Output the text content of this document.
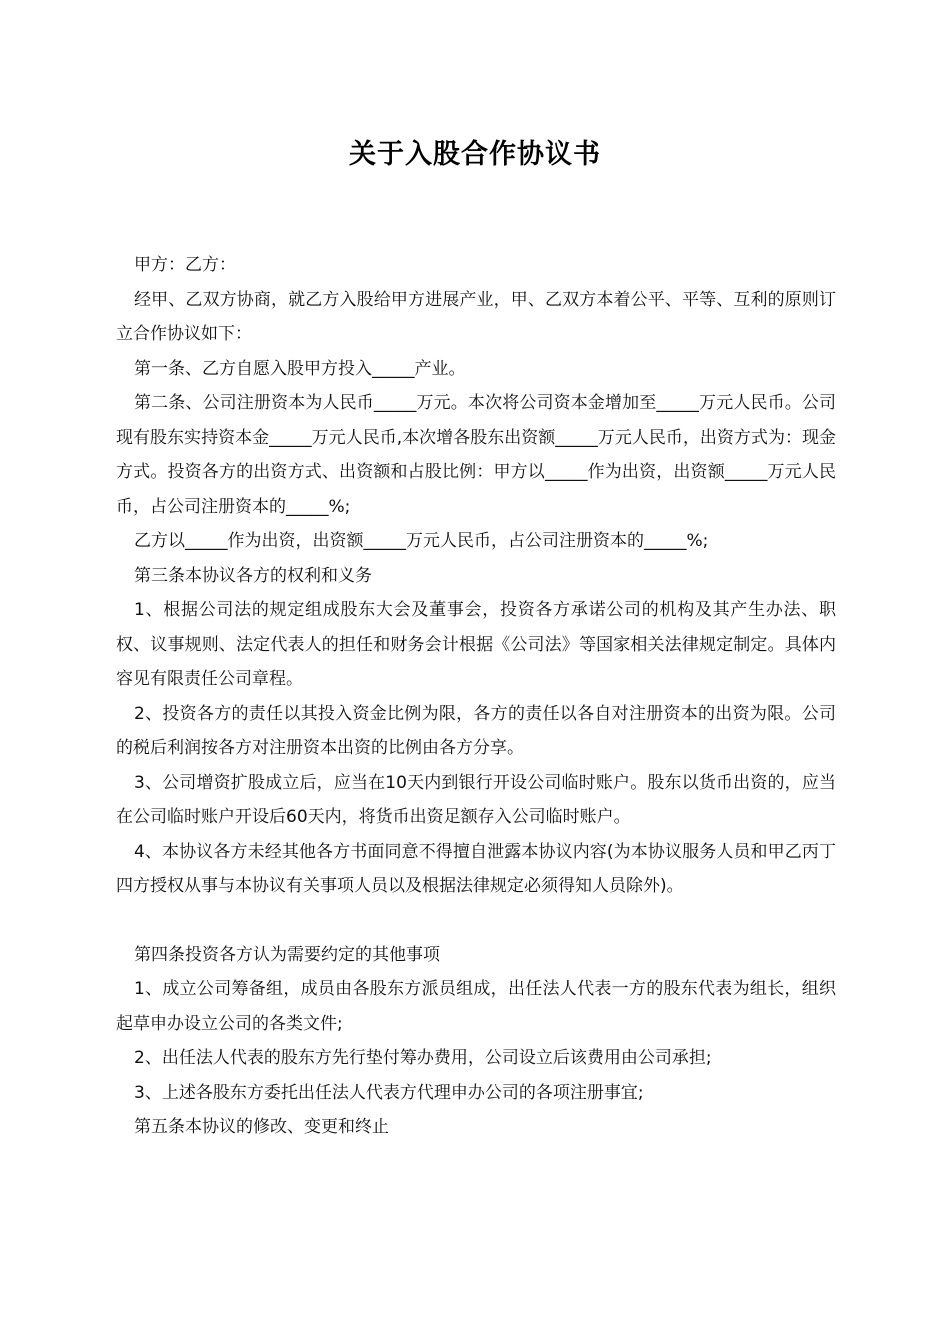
关于入股合作协议书

甲方：乙方：

经甲、乙双方协商，就乙方入股给甲方进展产业，甲、乙双方本着公平、平等、互利的原则订立合作协议如下：

第一条、乙方自愿入股甲方投入_____产业。

第二条、公司注册资本为人民币_____万元。本次将公司资本金增加至_____万元人民币。公司现有股东实持资本金_____万元人民币,本次增各股东出资额_____万元人民币，出资方式为：现金方式。投资各方的出资方式、出资额和占股比例：甲方以_____作为出资，出资额_____万元人民币，占公司注册资本的_____%;

乙方以_____作为出资，出资额_____万元人民币，占公司注册资本的_____%;

第三条本协议各方的权利和义务

1、根据公司法的规定组成股东大会及董事会，投资各方承诺公司的机构及其产生办法、职权、议事规则、法定代表人的担任和财务会计根据《公司法》等国家相关法律规定制定。具体内容见有限责任公司章程。

2、投资各方的责任以其投入资金比例为限，各方的责任以各自对注册资本的出资为限。公司的税后利润按各方对注册资本出资的比例由各方分享。

3、公司增资扩股成立后，应当在10天内到银行开设公司临时账户。股东以货币出资的，应当在公司临时账户开设后60天内，将货币出资足额存入公司临时账户。

4、本协议各方未经其他各方书面同意不得擅自泄露本协议内容(为本协议服务人员和甲乙丙丁四方授权从事与本协议有关事项人员以及根据法律规定必须得知人员除外)。

第四条投资各方认为需要约定的其他事项

1、成立公司筹备组，成员由各股东方派员组成，出任法人代表一方的股东代表为组长，组织起草申办设立公司的各类文件;

2、出任法人代表的股东方先行垫付筹办费用，公司设立后该费用由公司承担;

3、上述各股东方委托出任法人代表方代理申办公司的各项注册事宜;

第五条本协议的修改、变更和终止
